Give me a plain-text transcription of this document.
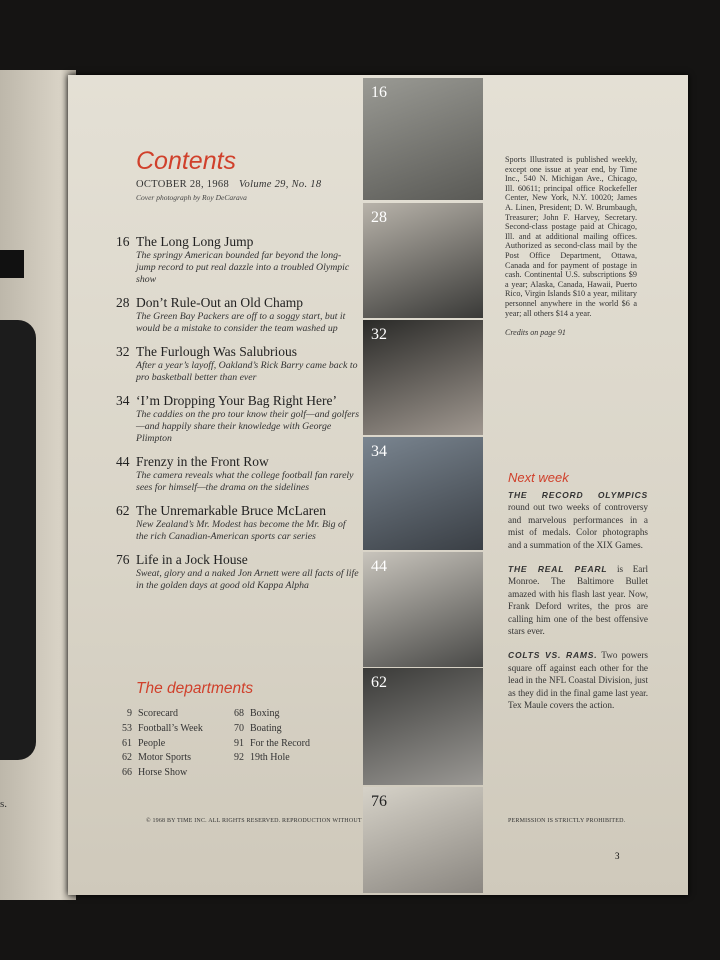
s.
Contents
OCTOBER 28, 1968 Volume 29, No. 18
Cover photograph by Roy DeCarava
16 The Long Long Jump
The springy American bounded far beyond the long-jump record to put real dazzle into a troubled Olympic show
28 Don’t Rule-Out an Old Champ
The Green Bay Packers are off to a soggy start, but it would be a mistake to consider the team washed up
32 The Furlough Was Salubrious
After a year’s layoff, Oakland’s Rick Barry came back to pro basketball better than ever
34 ‘I’m Dropping Your Bag Right Here’
The caddies on the pro tour know their golf—and golfers—and happily share their knowledge with George Plimpton
44 Frenzy in the Front Row
The camera reveals what the college football fan rarely sees for himself—the drama on the sidelines
62 The Unremarkable Bruce McLaren
New Zealand’s Mr. Modest has become the Mr. Big of the rich Canadian-American sports car series
76 Life in a Jock House
Sweat, glory and a naked Jon Arnett were all facts of life in the golden days at good old Kappa Alpha
16
28
32
34
44
62
76
Sports Illustrated is published weekly, except one issue at year end, by Time Inc., 540 N. Michigan Ave., Chicago, Ill. 60611; principal office Rockefeller Center, New York, N.Y. 10020; James A. Linen, President; D. W. Brumbaugh, Treasurer; John F. Harvey, Secretary. Second-class postage paid at Chicago, Ill. and at additional mailing offices. Authorized as second-class mail by the Post Office Department, Ottawa, Canada and for payment of postage in cash. Continental U.S. subscriptions $9 a year; Alaska, Canada, Hawaii, Puerto Rico, Virgin Islands $10 a year, military personnel anywhere in the world $6 a year; all others $14 a year.
Credits on page 91
Next week

THE RECORD OLYMPICS round out two weeks of controversy and marvelous performances in a mist of medals. Color photographs and a summation of the XIX Games.

THE REAL PEARL is Earl Monroe. The Baltimore Bullet amazed with his flash last year. Now, Frank Deford writes, the pros are calling him one of the best offensive stars ever.

COLTS VS. RAMS. Two powers square off against each other for the lead in the NFL Coastal Division, just as they did in the final game last year. Tex Maule covers the action.

The departments
9 Scorecard
53 Football’s Week
61 People
62 Motor Sports
66 Horse Show
68 Boxing
70 Boating
91 For the Record
92 19th Hole
© 1968 BY TIME INC. ALL RIGHTS RESERVED. REPRODUCTION WITHOUT	PERMISSION IS STRICTLY PROHIBITED.
3
